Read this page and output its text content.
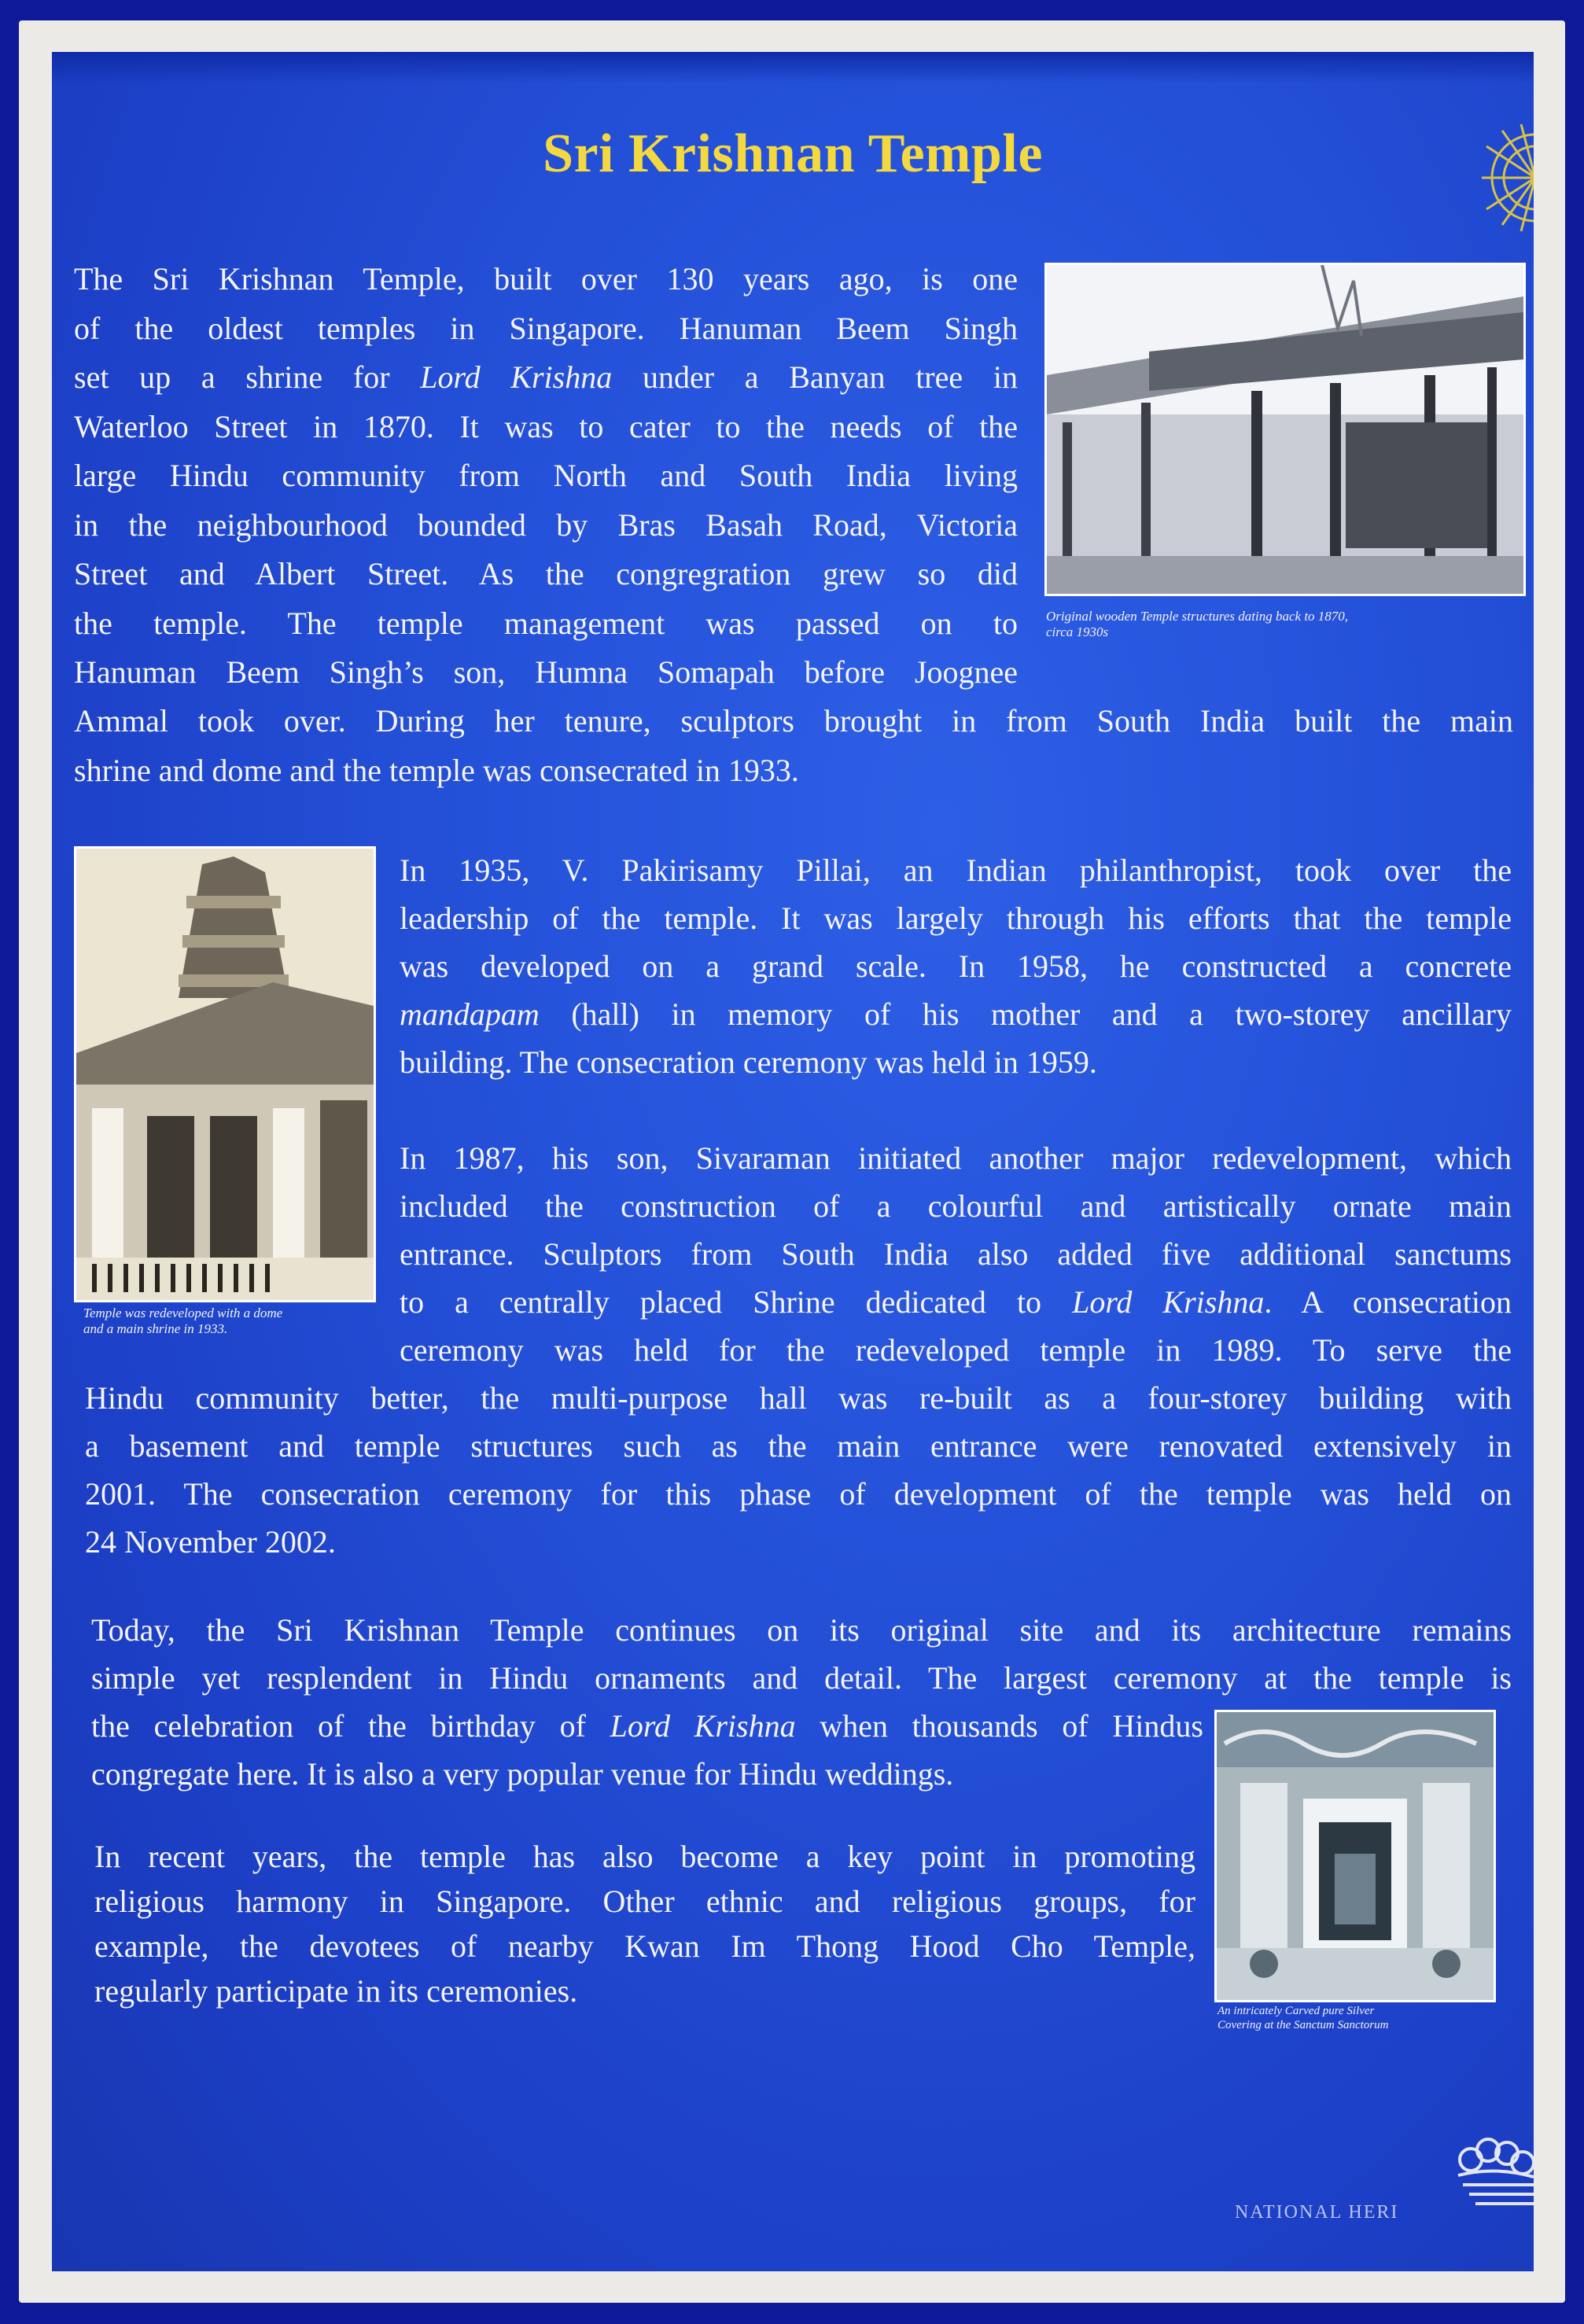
Sri Krishnan Temple
The Sri Krishnan Temple, built over 130 years ago, is one
of the oldest temples in Singapore. Hanuman Beem Singh
set up a shrine for Lord Krishna under a Banyan tree in
Waterloo Street in 1870. It was to cater to the needs of the
large Hindu community from North and South India living
in the neighbourhood bounded by Bras Basah Road, Victoria
Street and Albert Street. As the congregration grew so did
the temple. The temple management was passed on to
Hanuman Beem Singh’s son, Humna Somapah before Joognee
Ammal took over. During her tenure, sculptors brought in from South India built the main
shrine and dome and the temple was consecrated in 1933.
Original wooden Temple structures dating back to 1870,
circa 1930s
Temple was redeveloped with a dome
and a main shrine in 1933.
In 1935, V. Pakirisamy Pillai, an Indian philanthropist, took over the
leadership of the temple. It was largely through his efforts that the temple
was developed on a grand scale. In 1958, he constructed a concrete
mandapam (hall) in memory of his mother and a two-storey ancillary
building. The consecration ceremony was held in 1959.
In 1987, his son, Sivaraman initiated another major redevelopment, which
included the construction of a colourful and artistically ornate main
entrance. Sculptors from South India also added five additional sanctums
to a centrally placed Shrine dedicated to Lord Krishna. A consecration
ceremony was held for the redeveloped temple in 1989. To serve the
Hindu community better, the multi-purpose hall was re-built as a four-storey building with
a basement and temple structures such as the main entrance were renovated extensively in
2001. The consecration ceremony for this phase of development of the temple was held on
24 November 2002.
Today, the Sri Krishnan Temple continues on its original site and its architecture remains
simple yet resplendent in Hindu ornaments and detail. The largest ceremony at the temple is
the celebration of the birthday of Lord Krishna when thousands of Hindus
congregate here. It is also a very popular venue for Hindu weddings.
In recent years, the temple has also become a key point in promoting
religious harmony in Singapore. Other ethnic and religious groups, for
example, the devotees of nearby Kwan Im Thong Hood Cho Temple,
regularly participate in its ceremonies.
An intricately Carved pure Silver
Covering at the Sanctum Sanctorum
NATIONAL HERI
